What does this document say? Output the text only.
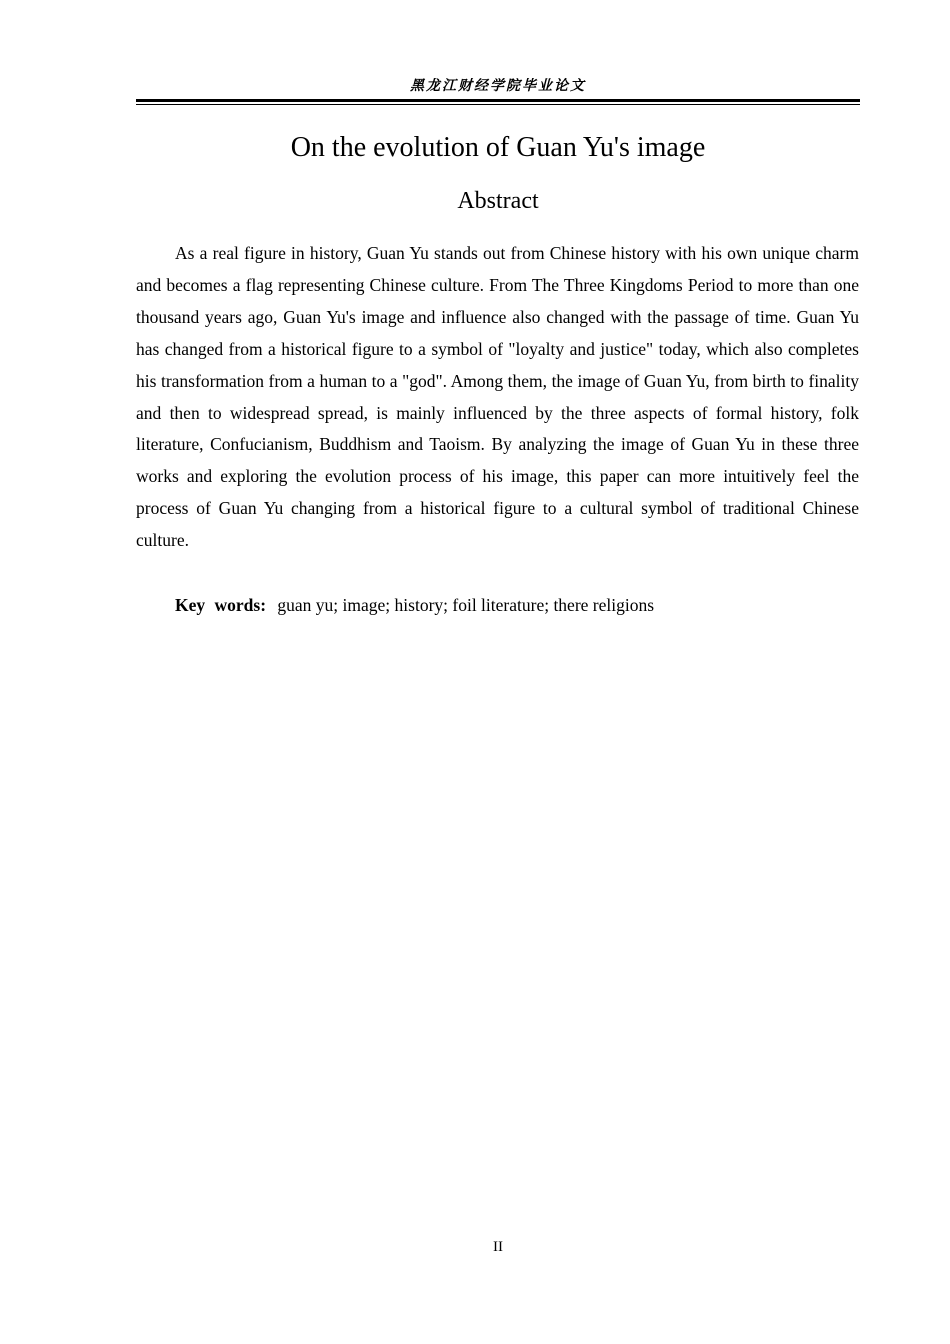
黑龙江财经学院毕业论文
On the evolution of Guan Yu's image
Abstract

As a real figure in history, Guan Yu stands out from Chinese history with his own unique charm and becomes a flag representing Chinese culture. From The Three Kingdoms Period to more than one thousand years ago, Guan Yu's image and influence also changed with the passage of time. Guan Yu has changed from a historical figure to a symbol of "loyalty and justice" today, which also completes his transformation from a human to a "god". Among them, the image of Guan Yu, from birth to finality and then to widespread spread, is mainly influenced by the three aspects of formal history, folk literature, Confucianism, Buddhism and Taoism. By analyzing the image of Guan Yu in these three works and exploring the evolution process of his image, this paper can more intuitively feel the process of Guan Yu changing from a historical figure to a cultural symbol of traditional Chinese culture.

Key words: guan yu; image; history; foil literature; there religions
II
